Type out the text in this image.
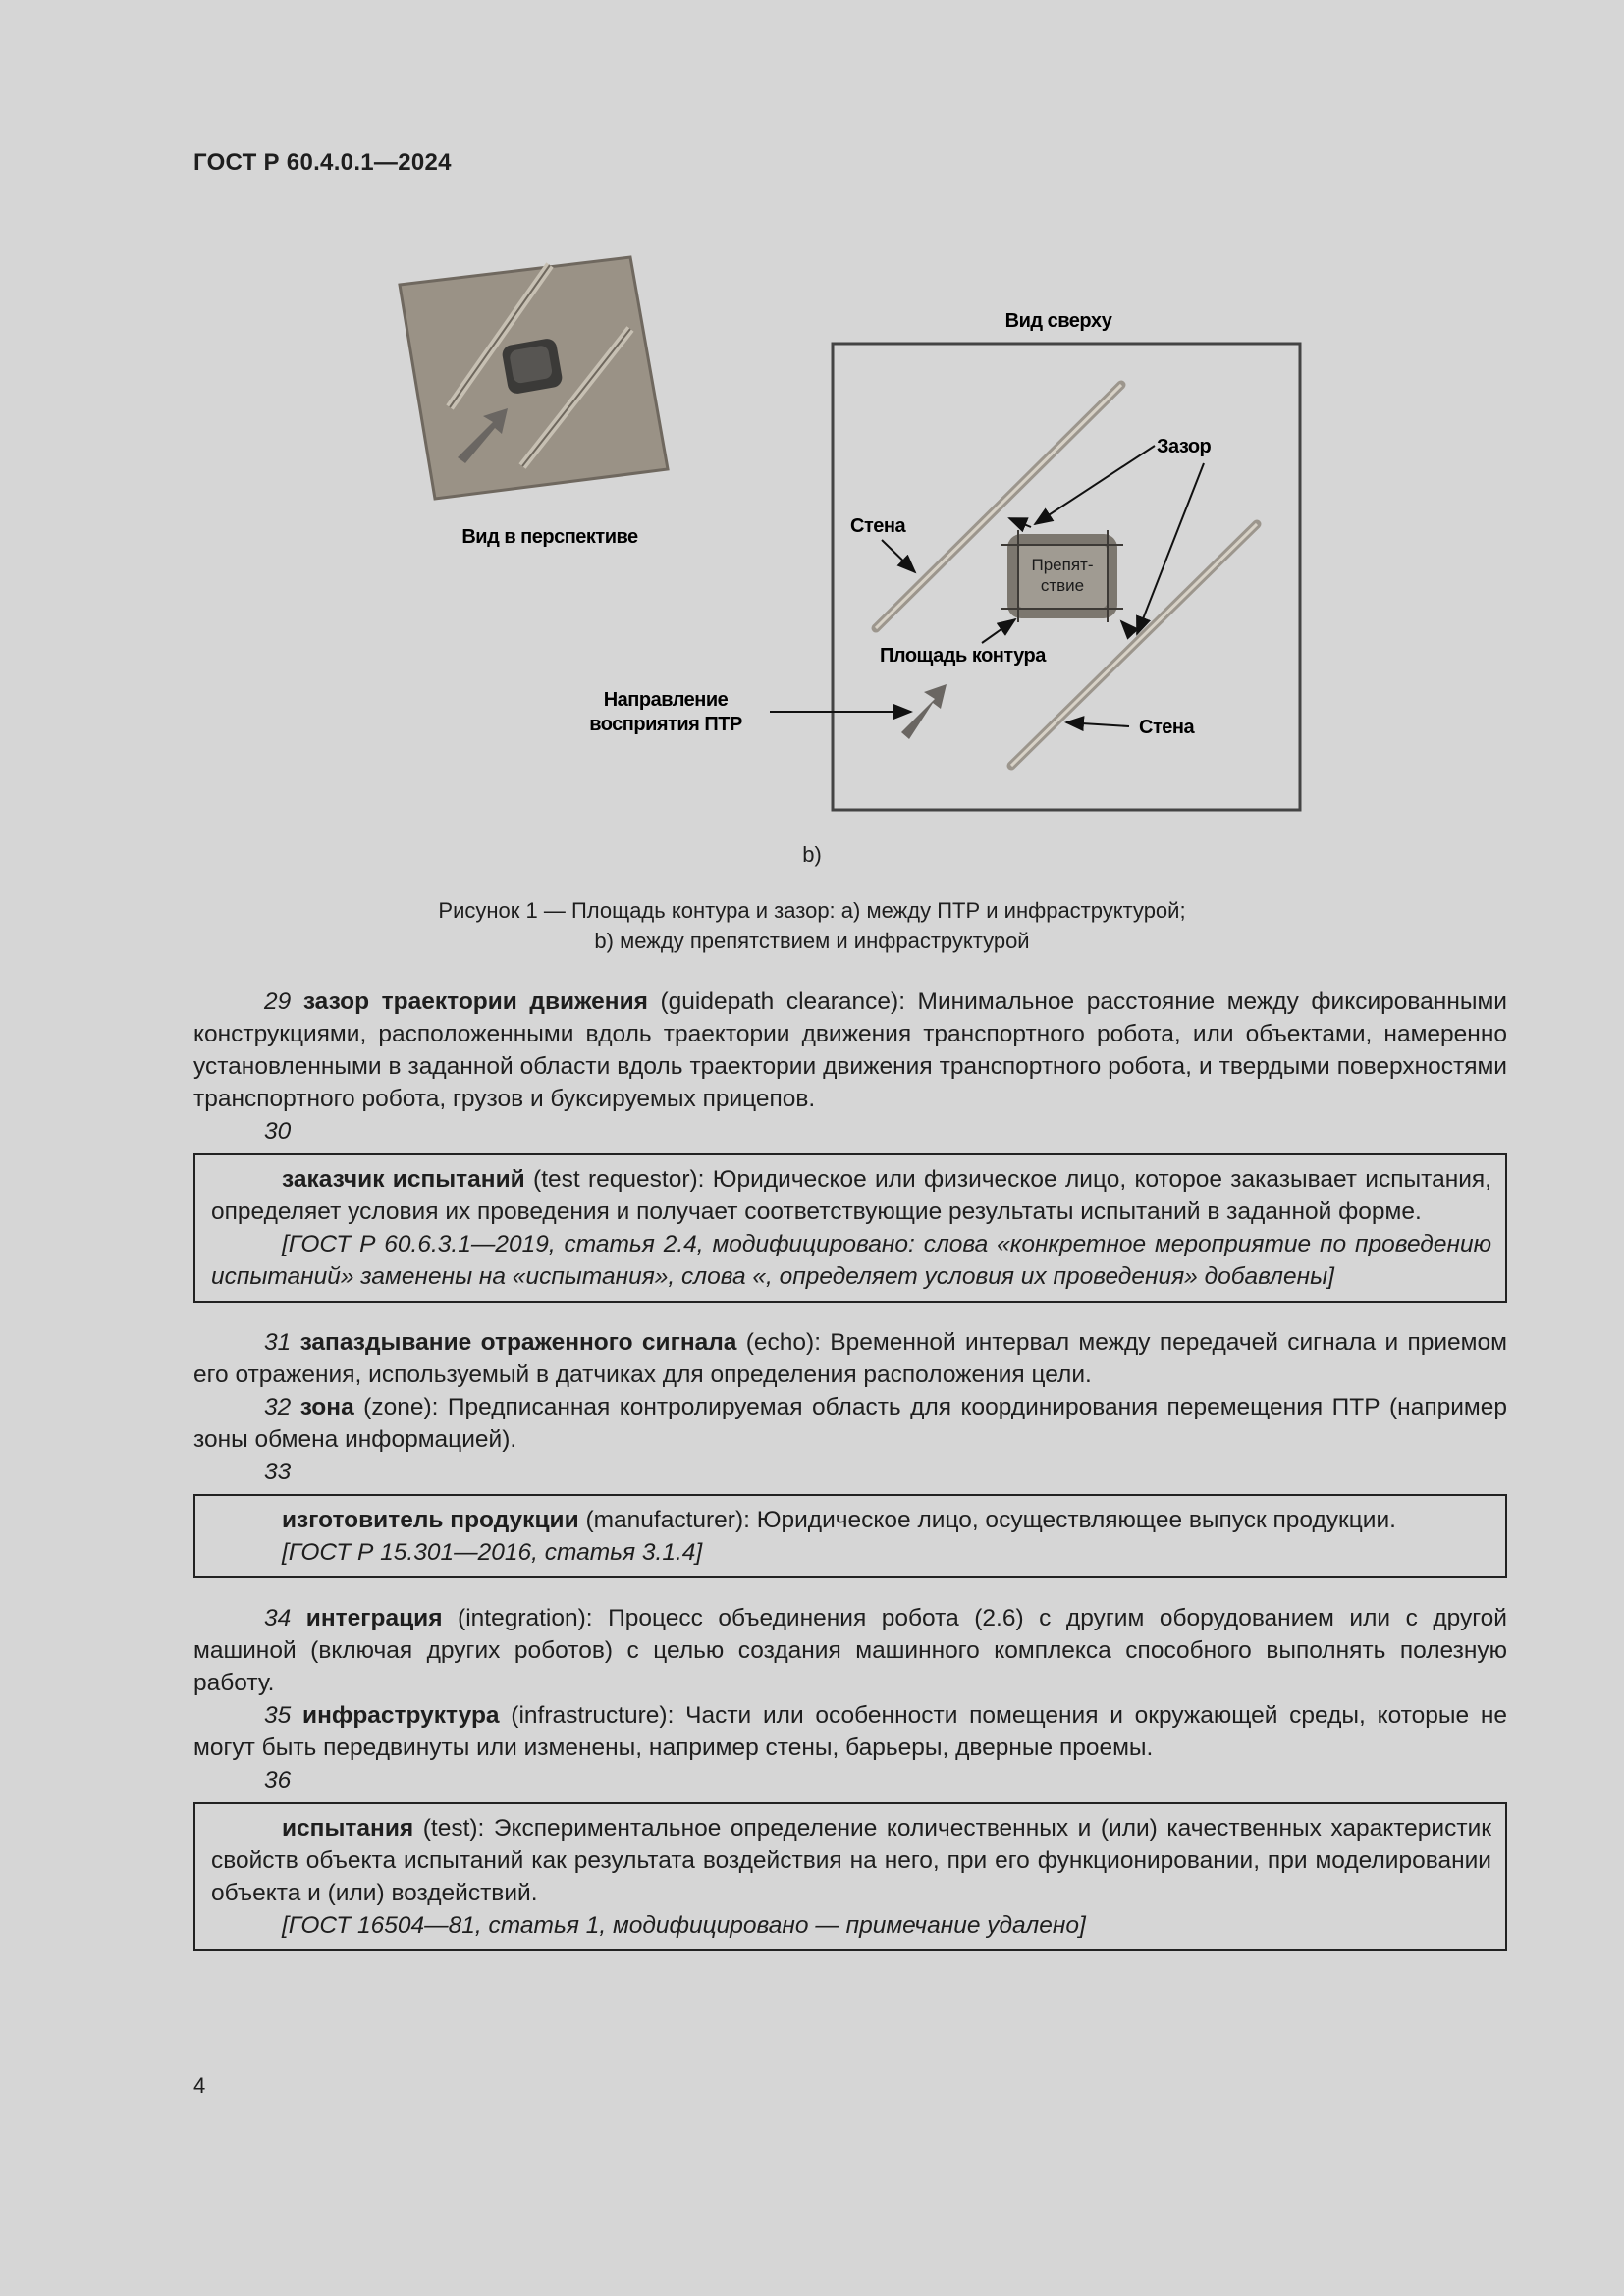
ГОСТ Р 60.4.0.1—2024
Вид в перспективе
Вид сверху
Препят-
ствие
Зазор
Стена
Стена
Площадь контура
Направление
восприятия ПТР
b)
Рисунок 1 — Площадь контура и зазор: a) между ПТР и инфраструктурой;
b) между препятствием и инфраструктурой

29 зазор траектории движения (guidepath clearance): Минимальное расстояние между фиксированными конструкциями, расположенными вдоль траектории движения транспортного робота, или объектами, намеренно установленными в заданной области вдоль траектории движения транспортного робота, и твердыми поверхностями транспортного робота, грузов и буксируемых прицепов.

30

заказчик испытаний (test requestor): Юридическое или физическое лицо, которое заказывает испытания, определяет условия их проведения и получает соответствующие результаты испытаний в заданной форме.

[ГОСТ Р 60.6.3.1—2019, статья 2.4, модифицировано: слова «конкретное мероприятие по проведению испытаний» заменены на «испытания», слова «, определяет условия их проведения» добавлены]

31 запаздывание отраженного сигнала (echo): Временной интервал между передачей сигнала и приемом его отражения, используемый в датчиках для определения расположения цели.

32 зона (zone): Предписанная контролируемая область для координирования перемещения ПТР (например зоны обмена информацией).

33

изготовитель продукции (manufacturer): Юридическое лицо, осуществляющее выпуск продукции.

[ГОСТ Р 15.301—2016, статья 3.1.4]

34 интеграция (integration): Процесс объединения робота (2.6) с другим оборудованием или с другой машиной (включая других роботов) с целью создания машинного комплекса способного выполнять полезную работу.

35 инфраструктура (infrastructure): Части или особенности помещения и окружающей среды, которые не могут быть передвинуты или изменены, например стены, барьеры, дверные проемы.

36

испытания (test): Экспериментальное определение количественных и (или) качественных характеристик свойств объекта испытаний как результата воздействия на него, при его функционировании, при моделировании объекта и (или) воздействий.

[ГОСТ 16504—81, статья 1, модифицировано — примечание удалено]

4
